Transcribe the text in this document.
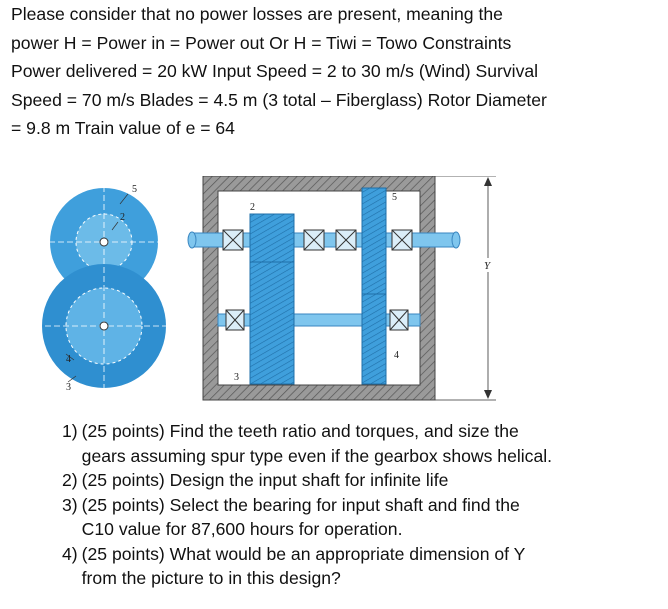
Please consider that no power losses are present, meaning the

power H = Power in = Power out Or H = Tiwi = Towo Constraints

Power delivered = 20 kW Input Speed = 2 to 30 m/s (Wind) Survival

Speed = 70 m/s Blades = 4.5 m (3 total – Fiberglass) Rotor Diameter

= 9.8 m Train value of e = 64

5
2
4
3
2
3
5
4
Y
1) (25 points) Find the teeth ratio and torques, and size the
gears assuming spur type even if the gearbox shows helical.
2) (25 points) Design the input shaft for infinite life
3) (25 points) Select the bearing for input shaft and find the
C10 value for 87,600 hours for operation.
4) (25 points) What would be an appropriate dimension of Y
from the picture to in this design?
